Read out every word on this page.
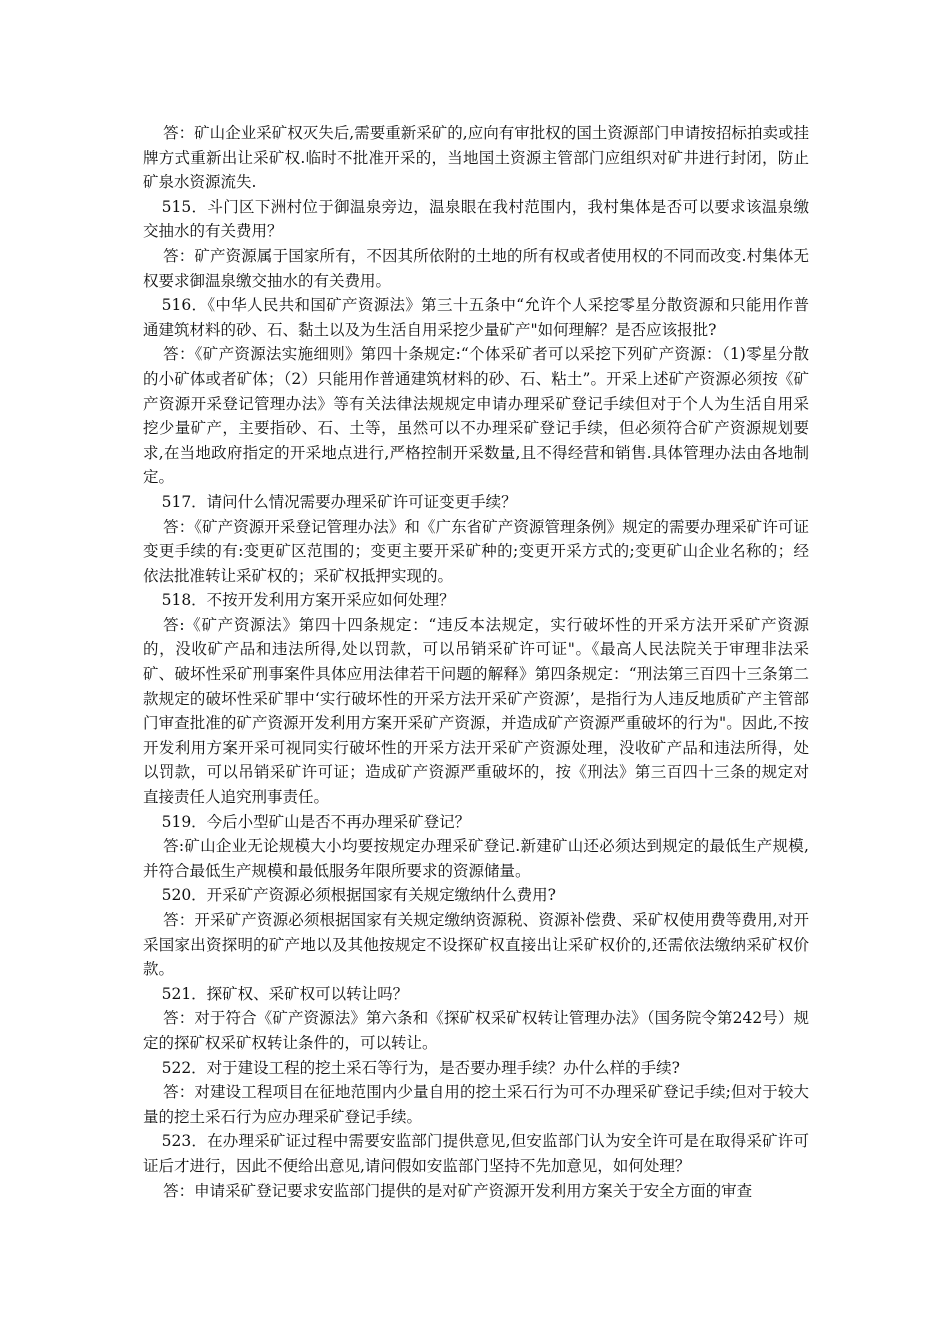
答：矿山企业采矿权灭失后,需要重新采矿的,应向有审批权的国土资源部门申请按招标拍卖或挂牌方式重新出让采矿权.临时不批准开采的，当地国土资源主管部门应组织对矿井进行封闭，防止矿泉水资源流失.

515．斗门区下洲村位于御温泉旁边，温泉眼在我村范围内，我村集体是否可以要求该温泉缴交抽水的有关费用？

答：矿产资源属于国家所有，不因其所依附的土地的所有权或者使用权的不同而改变.村集体无权要求御温泉缴交抽水的有关费用。

516．《中华人民共和国矿产资源法》第三十五条中“允许个人采挖零星分散资源和只能用作普通建筑材料的砂、石、黏土以及为生活自用采挖少量矿产"如何理解？是否应该报批?

答：《矿产资源法实施细则》第四十条规定:“个体采矿者可以采挖下列矿产资源：（1)零星分散的小矿体或者矿体；（2）只能用作普通建筑材料的砂、石、粘土”。开采上述矿产资源必须按《矿产资源开采登记管理办法》等有关法律法规规定申请办理采矿登记手续但对于个人为生活自用采挖少量矿产，主要指砂、石、土等，虽然可以不办理采矿登记手续，但必须符合矿产资源规划要求,在当地政府指定的开采地点进行,严格控制开采数量,且不得经营和销售.具体管理办法由各地制定。

517．请问什么情况需要办理采矿许可证变更手续？

答：《矿产资源开采登记管理办法》和《广东省矿产资源管理条例》规定的需要办理采矿许可证变更手续的有:变更矿区范围的；变更主要开采矿种的;变更开采方式的;变更矿山企业名称的；经依法批准转让采矿权的；采矿权抵押实现的。

518．不按开发利用方案开采应如何处理？

答:《矿产资源法》第四十四条规定：“违反本法规定，实行破坏性的开采方法开采矿产资源的，没收矿产品和违法所得,处以罚款，可以吊销采矿许可证"。《最高人民法院关于审理非法采矿、破坏性采矿刑事案件具体应用法律若干问题的解释》第四条规定：“刑法第三百四十三条第二款规定的破坏性采矿罪中‘实行破坏性的开采方法开采矿产资源’，是指行为人违反地质矿产主管部门审查批准的矿产资源开发利用方案开采矿产资源，并造成矿产资源严重破坏的行为"。因此,不按开发利用方案开采可视同实行破坏性的开采方法开采矿产资源处理，没收矿产品和违法所得，处以罚款，可以吊销采矿许可证；造成矿产资源严重破坏的，按《刑法》第三百四十三条的规定对直接责任人追究刑事责任。

519．今后小型矿山是否不再办理采矿登记？

答:矿山企业无论规模大小均要按规定办理采矿登记.新建矿山还必须达到规定的最低生产规模,并符合最低生产规模和最低服务年限所要求的资源储量。

520．开采矿产资源必须根据国家有关规定缴纳什么费用?

答：开采矿产资源必须根据国家有关规定缴纳资源税、资源补偿费、采矿权使用费等费用,对开采国家出资探明的矿产地以及其他按规定不设探矿权直接出让采矿权价的,还需依法缴纳采矿权价款。

521．探矿权、采矿权可以转让吗？

答：对于符合《矿产资源法》第六条和《探矿权采矿权转让管理办法》（国务院令第242号）规定的探矿权采矿权转让条件的，可以转让。

522．对于建设工程的挖土采石等行为，是否要办理手续？办什么样的手续?

答：对建设工程项目在征地范围内少量自用的挖土采石行为可不办理采矿登记手续;但对于较大量的挖土采石行为应办理采矿登记手续。

523．在办理采矿证过程中需要安监部门提供意见,但安监部门认为安全许可是在取得采矿许可证后才进行，因此不便给出意见,请问假如安监部门坚持不先加意见，如何处理？

答：申请采矿登记要求安监部门提供的是对矿产资源开发利用方案关于安全方面的审查
